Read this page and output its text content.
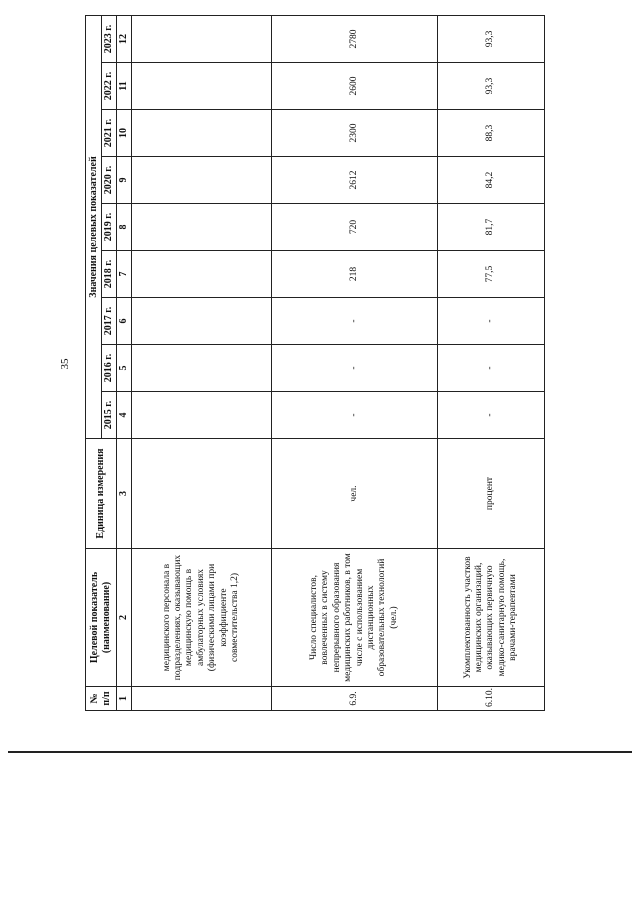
35
№ п/п	Целевой показатель (наименование)	Единица измерения	Значения целевых показателей								
			2015 г.	2016 г.	2017 г.	2018 г.	2019 г.	2020 г.	2021 г.	2022 г.	2023 г.
1	2	3	4	5	6	7	8	9	10	11	12
	медицинского персонала в подразделениях, оказывающих медицинскую помощь в амбулаторных условиях (физическими лицами при коэффициенте совместительства 1,2)										
6.9.	Число специалистов, вовлеченных в систему непрерывного образования медицинских работников, в том числе с использованием дистанционных образовательных технологий (чел.)	чел.	-	-	-	218	720	2612	2300	2600	2780
6.10.	Укомплектованность участков медицинских организаций, оказывающих первичную медико-санитарную помощь, врачами-терапевтами	процент	-	-	-	77,5	81,7	84,2	88,3	93,3	93,3
